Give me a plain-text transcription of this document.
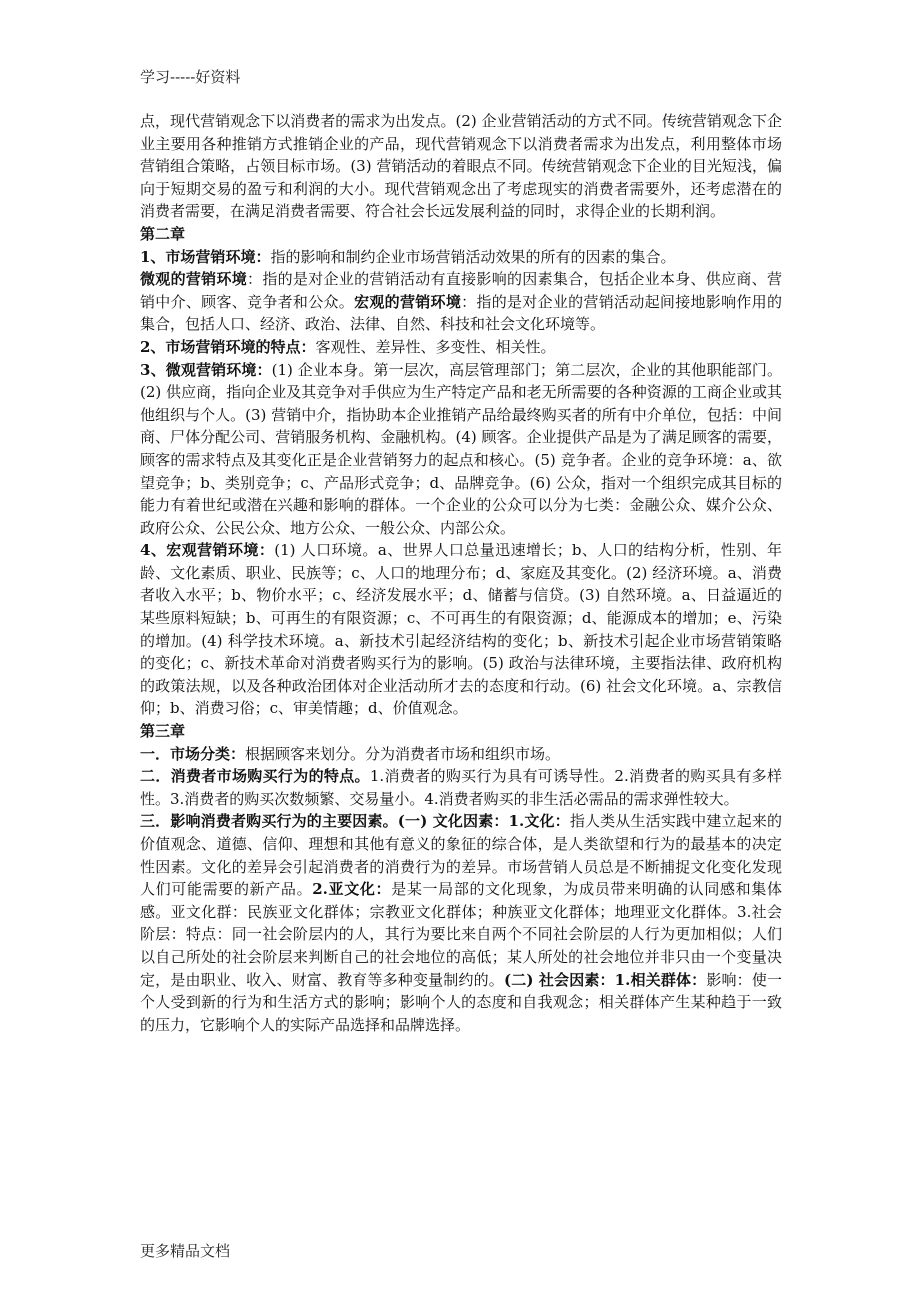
学习-----好资料

点，现代营销观念下以消费者的需求为出发点。(2) 企业营销活动的方式不同。传统营销观念下企业主要用各种推销方式推销企业的产品，现代营销观念下以消费者需求为出发点，利用整体市场营销组合策略，占领目标市场。(3) 营销活动的着眼点不同。传统营销观念下企业的目光短浅，偏向于短期交易的盈亏和利润的大小。现代营销观念出了考虑现实的消费者需要外，还考虑潜在的消费者需要，在满足消费者需要、符合社会长远发展利益的同时，求得企业的长期利润。

第二章

1、市场营销环境：指的影响和制约企业市场营销活动效果的所有的因素的集合。

微观的营销环境：指的是对企业的营销活动有直接影响的因素集合，包括企业本身、供应商、营销中介、顾客、竞争者和公众。宏观的营销环境：指的是对企业的营销活动起间接地影响作用的集合，包括人口、经济、政治、法律、自然、科技和社会文化环境等。

2、市场营销环境的特点：客观性、差异性、多变性、相关性。

3、微观营销环境：(1) 企业本身。第一层次，高层管理部门；第二层次，企业的其他职能部门。(2) 供应商，指向企业及其竞争对手供应为生产特定产品和老无所需要的各种资源的工商企业或其他组织与个人。(3) 营销中介，指协助本企业推销产品给最终购买者的所有中介单位，包括：中间商、尸体分配公司、营销服务机构、金融机构。(4) 顾客。企业提供产品是为了满足顾客的需要，顾客的需求特点及其变化正是企业营销努力的起点和核心。(5) 竞争者。企业的竞争环境：a、欲望竞争；b、类别竞争；c、产品形式竞争；d、品牌竞争。(6) 公众，指对一个组织完成其目标的能力有着世纪或潜在兴趣和影响的群体。一个企业的公众可以分为七类：金融公众、媒介公众、政府公众、公民公众、地方公众、一般公众、内部公众。

4、宏观营销环境：(1) 人口环境。a、世界人口总量迅速增长；b、人口的结构分析，性别、年龄、文化素质、职业、民族等；c、人口的地理分布；d、家庭及其变化。(2) 经济环境。a、消费者收入水平；b、物价水平；c、经济发展水平；d、储蓄与信贷。(3) 自然环境。a、日益逼近的某些原料短缺；b、可再生的有限资源；c、不可再生的有限资源；d、能源成本的增加；e、污染的增加。(4) 科学技术环境。a、新技术引起经济结构的变化；b、新技术引起企业市场营销策略的变化；c、新技术革命对消费者购买行为的影响。(5) 政治与法律环境，主要指法律、政府机构的政策法规，以及各种政治团体对企业活动所才去的态度和行动。(6) 社会文化环境。a、宗教信仰；b、消费习俗；c、审美情趣；d、价值观念。

第三章

一．市场分类：根据顾客来划分。分为消费者市场和组织市场。

二．消费者市场购买行为的特点。1.消费者的购买行为具有可诱导性。2.消费者的购买具有多样性。3.消费者的购买次数频繁、交易量小。4.消费者购买的非生活必需品的需求弹性较大。

三．影响消费者购买行为的主要因素。(一) 文化因素：1.文化：指人类从生活实践中建立起来的价值观念、道德、信仰、理想和其他有意义的象征的综合体，是人类欲望和行为的最基本的决定性因素。文化的差异会引起消费者的消费行为的差异。市场营销人员总是不断捕捉文化变化发现人们可能需要的新产品。2.亚文化：是某一局部的文化现象，为成员带来明确的认同感和集体感。亚文化群：民族亚文化群体；宗教亚文化群体；种族亚文化群体；地理亚文化群体。3.社会阶层：特点：同一社会阶层内的人，其行为要比来自两个不同社会阶层的人行为更加相似；人们以自己所处的社会阶层来判断自己的社会地位的高低；某人所处的社会地位并非只由一个变量决定，是由职业、收入、财富、教育等多种变量制约的。(二) 社会因素：1.相关群体：影响：使一个人受到新的行为和生活方式的影响；影响个人的态度和自我观念；相关群体产生某种趋于一致的压力，它影响个人的实际产品选择和品牌选择。

更多精品文档
